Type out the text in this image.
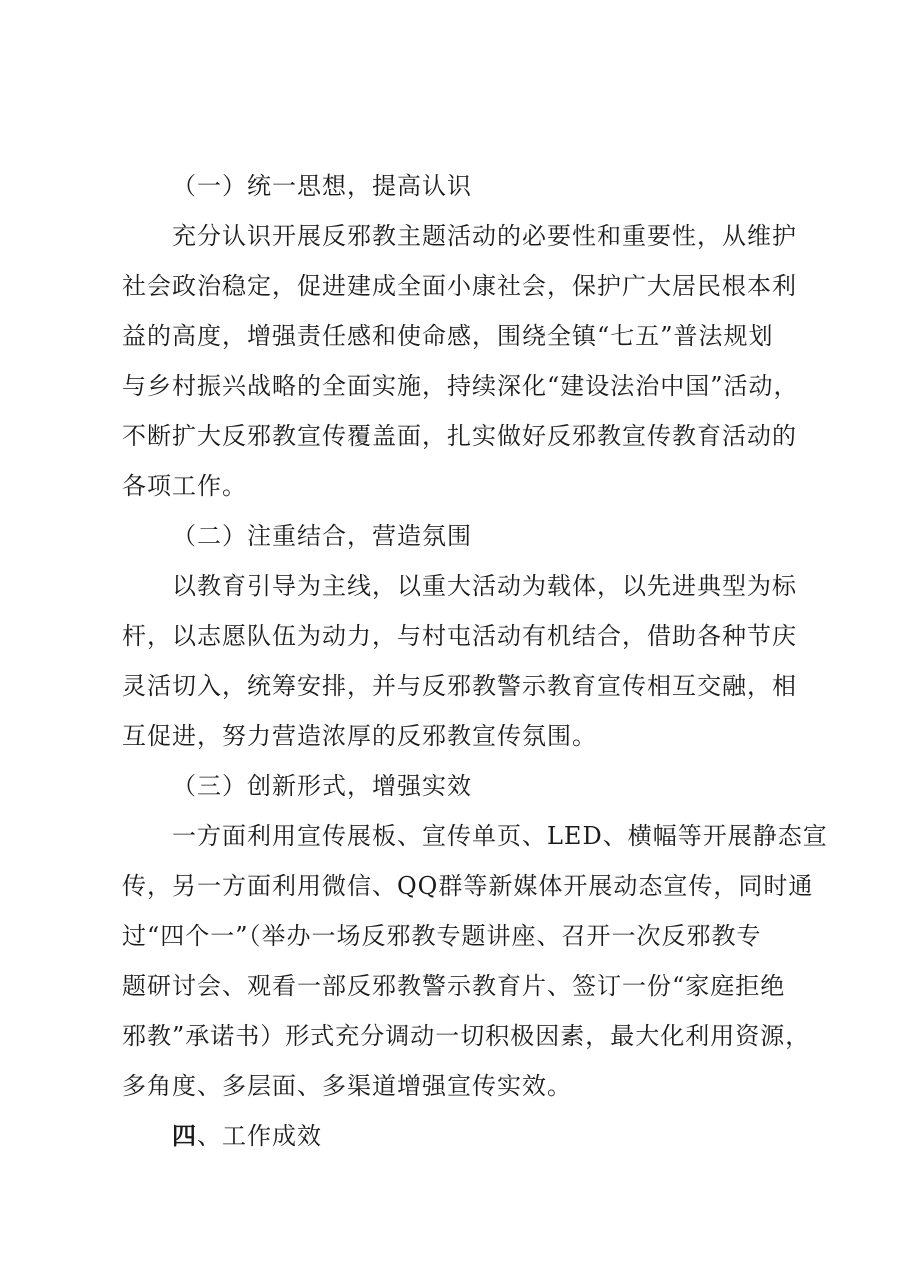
（一）统一思想，提高认识
充分认识开展反邪教主题活动的必要性和重要性，从维护
社会政治稳定，促进建成全面小康社会，保护广大居民根本利
益的高度，增强责任感和使命感，围绕全镇“七五”普法规划
与乡村振兴战略的全面实施，持续深化“建设法治中国”活动，
不断扩大反邪教宣传覆盖面，扎实做好反邪教宣传教育活动的
各项工作。
（二）注重结合，营造氛围
以教育引导为主线，以重大活动为载体，以先进典型为标
杆，以志愿队伍为动力，与村屯活动有机结合，借助各种节庆
灵活切入，统筹安排，并与反邪教警示教育宣传相互交融，相
互促进，努力营造浓厚的反邪教宣传氛围。
（三）创新形式，增强实效
一方面利用宣传展板、宣传单页、LED、横幅等开展静态宣
传，另一方面利用微信、QQ群等新媒体开展动态宣传，同时通
过“四个一”（举办一场反邪教专题讲座、召开一次反邪教专
题研讨会、观看一部反邪教警示教育片、签订一份“家庭拒绝
邪教”承诺书）形式充分调动一切积极因素，最大化利用资源，
多角度、多层面、多渠道增强宣传实效。
四、工作成效
